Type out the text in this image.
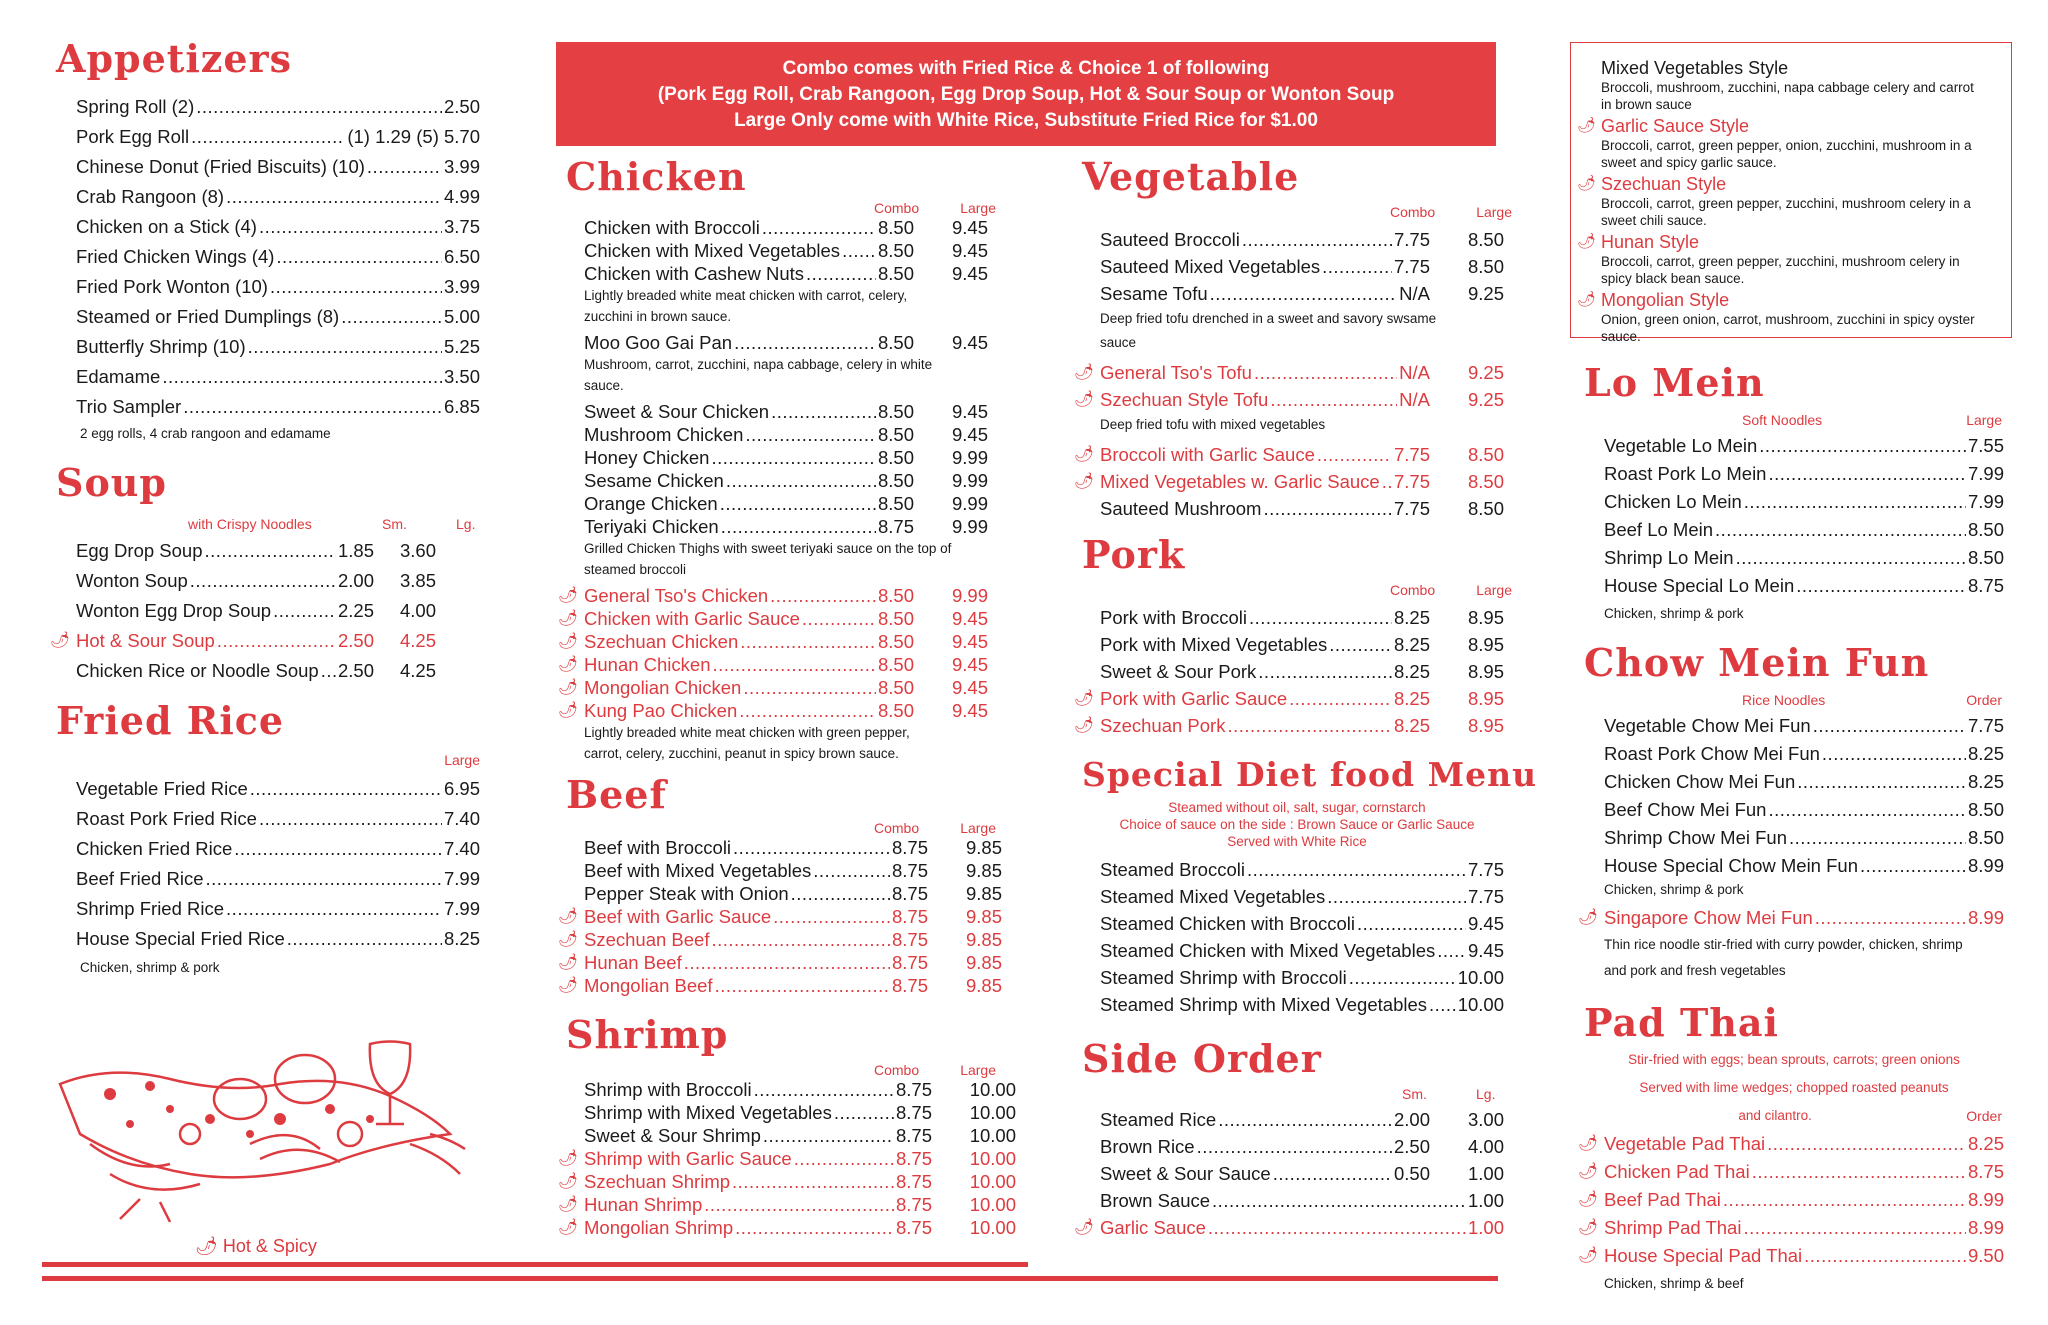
Appetizers
Spring Roll (2) .....	2.50
Pork Egg Roll .....	(1) 1.29 (5) 5.70
Chinese Donut (Fried Biscuits) (10) .....	3.99
Crab Rangoon (8) .....	4.99
Chicken on a Stick (4) .....	3.75
Fried Chicken Wings (4) .....	6.50
Fried Pork Wonton (10) .....	3.99
Steamed or Fried Dumplings (8) .....	5.00
Butterfly Shrimp (10) .....	5.25
Edamame .....	3.50
Trio Sampler .....	6.85
2 egg rolls, 4 crab rangoon and edamame
Soup
with Crispy Noodles	Sm.	Lg.
Egg Drop Soup .....	1.85	3.60
Wonton Soup .....	2.00	3.85
Wonton Egg Drop Soup .....	2.25	4.00
🌶 Hot & Sour Soup .....	2.50	4.25
Chicken Rice or Noodle Soup ..... 2.50	4.25
Fried Rice
Large
Vegetable Fried Rice .....	6.95
Roast Pork Fried Rice .....	7.40
Chicken Fried Rice .....	7.40
Beef Fried Rice .....	7.99
Shrimp Fried Rice .....	7.99
House Special Fried Rice .....	8.25
Chicken, shrimp & pork
🌶 Hot & Spicy
Combo comes with Fried Rice & Choice 1 of following
(Pork Egg Roll, Crab Rangoon, Egg Drop Soup, Hot & Sour Soup or Wonton Soup
Large Only come with White Rice, Substitute Fried Rice for $1.00
Chicken
Combo	Large
Chicken with Broccoli .....	8.50	9.45
Chicken with Mixed Vegetables ..... 8.50	9.45
Chicken with Cashew Nuts .....	8.50	9.45
Lightly breaded white meat chicken with carrot, celery, zucchini in brown sauce.
Moo Goo Gai Pan .....	8.50	9.45
Mushroom, carrot, zucchini, napa cabbage, celery in white sauce.
Sweet & Sour Chicken .....	8.50	9.45
Mushroom Chicken .....	8.50	9.45
Honey Chicken .....	8.50	9.99
Sesame Chicken .....	8.50	9.99
Orange Chicken .....	8.50	9.99
Teriyaki Chicken .....	8.75	9.99
Grilled Chicken Thighs with sweet teriyaki sauce on the top of steamed broccoli
🌶 General Tso's Chicken .....	8.50	9.99
🌶 Chicken with Garlic Sauce .....	8.50	9.45
🌶 Szechuan Chicken .....	8.50	9.45
🌶 Hunan Chicken .....	8.50	9.45
🌶 Mongolian Chicken .....	8.50	9.45
🌶 Kung Pao Chicken .....	8.50	9.45
Lightly breaded white meat chicken with green pepper, carrot, celery, zucchini, peanut in spicy brown sauce.
Beef
Combo	Large
Beef with Broccoli .....	8.75	9.85
Beef with Mixed Vegetables .....	8.75	9.85
Pepper Steak with Onion .....	8.75	9.85
🌶 Beef with Garlic Sauce .....	8.75	9.85
🌶 Szechuan Beef .....	8.75	9.85
🌶 Hunan Beef .....	8.75	9.85
🌶 Mongolian Beef .....	8.75	9.85
Shrimp
Combo	Large
Shrimp with Broccoli .....	8.75	10.00
Shrimp with Mixed Vegetables .....	8.75	10.00
Sweet & Sour Shrimp .....	8.75	10.00
🌶 Shrimp with Garlic Sauce .....	8.75	10.00
🌶 Szechuan Shrimp .....	8.75	10.00
🌶 Hunan Shrimp .....	8.75	10.00
🌶 Mongolian Shrimp .....	8.75	10.00
Vegetable
Combo	Large
Sauteed Broccoli .....	7.75	8.50
Sauteed Mixed Vegetables .....	7.75	8.50
Sesame Tofu .....	N/A	9.25
Deep fried tofu drenched in a sweet and savory swsame sauce
🌶 General Tso's Tofu .....	N/A	9.25
🌶 Szechuan Style Tofu .....	N/A	9.25
Deep fried tofu with mixed vegetables
🌶 Broccoli with Garlic Sauce .....	7.75	8.50
🌶 Mixed Vegetables w. Garlic Sauce ..... 7.75	8.50
Sauteed Mushroom .....	7.75	8.50
Pork
Combo	Large
Pork with Broccoli .....	8.25	8.95
Pork with Mixed Vegetables .....	8.25	8.95
Sweet & Sour Pork .....	8.25	8.95
🌶 Pork with Garlic Sauce .....	8.25	8.95
🌶 Szechuan Pork .....	8.25	8.95
Special Diet food Menu
Steamed without oil, salt, sugar, cornstarch
Choice of sauce on the side : Brown Sauce or Garlic Sauce
Served with White Rice
Steamed Broccoli .....	7.75
Steamed Mixed Vegetables .....	7.75
Steamed Chicken with Broccoli .....	9.45
Steamed Chicken with Mixed Vegetables ..... 9.45
Steamed Shrimp with Broccoli .....	10.00
Steamed Shrimp with Mixed Vegetables ..... 10.00
Side Order
Sm.	Lg.
Steamed Rice .....	2.00	3.00
Brown Rice .....	2.50	4.00
Sweet & Sour Sauce .....	0.50	1.00
Brown Sauce .....	1.00
🌶 Garlic Sauce .....	1.00
Mixed Vegetables Style
Broccoli, mushroom, zucchini, napa cabbage celery and carrot in brown sauce
🌶 Garlic Sauce Style
Broccoli, carrot, green pepper, onion, zucchini, mushroom in a sweet and spicy garlic sauce.
🌶 Szechuan Style
Broccoli, carrot, green pepper, zucchini, mushroom celery in a sweet chili sauce.
🌶 Hunan Style
Broccoli, carrot, green pepper, zucchini, mushroom celery in spicy black bean sauce.
🌶 Mongolian Style
Onion, green onion, carrot, mushroom, zucchini in spicy oyster sauce.
Lo Mein
Soft Noodles	Large
Vegetable Lo Mein .....	7.55
Roast Pork Lo Mein .....	7.99
Chicken Lo Mein .....	7.99
Beef Lo Mein .....	8.50
Shrimp Lo Mein .....	8.50
House Special Lo Mein .....	8.75
Chicken, shrimp & pork
Chow Mein Fun
Rice Noodles	Order
Vegetable Chow Mei Fun .....	7.75
Roast Pork Chow Mei Fun .....	8.25
Chicken Chow Mei Fun .....	8.25
Beef Chow Mei Fun .....	8.50
Shrimp Chow Mei Fun .....	8.50
House Special Chow Mein Fun .....	8.99
Chicken, shrimp & pork
🌶 Singapore Chow Mei Fun .....	8.99
Thin rice noodle stir-fried with curry powder, chicken, shrimp and pork and fresh vegetables
Pad Thai
Stir-fried with eggs; bean sprouts, carrots; green onions
Served with lime wedges; chopped roasted peanuts
and cilantro.	Order
🌶 Vegetable Pad Thai .....	8.25
🌶 Chicken Pad Thai .....	8.75
🌶 Beef Pad Thai .....	8.99
🌶 Shrimp Pad Thai .....	8.99
🌶 House Special Pad Thai .....	9.50
Chicken, shrimp & beef
